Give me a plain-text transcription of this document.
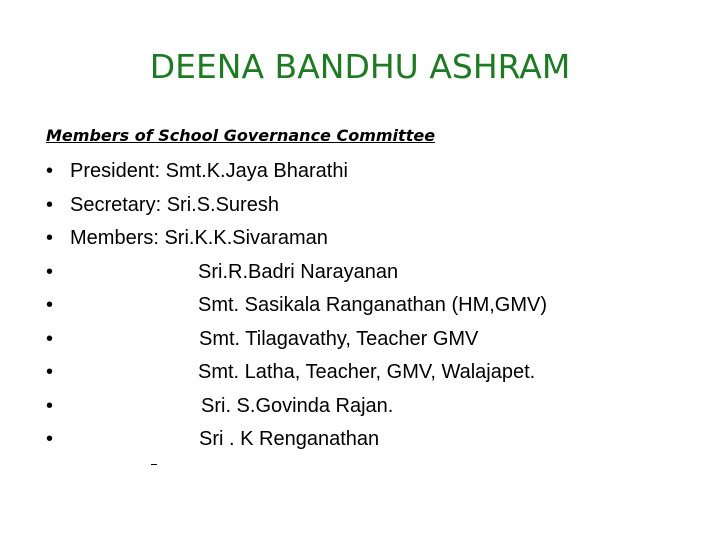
DEENA BANDHU ASHRAM
Members of School Governance Committee
• President: Smt.K.Jaya Bharathi
• Secretary: Sri.S.Suresh
• Members: Sri.K.K.Sivaraman
•	Sri.R.Badri Narayanan
•	Smt. Sasikala Ranganathan (HM,GMV)
•	Smt. Tilagavathy, Teacher GMV
•	Smt. Latha, Teacher, GMV, Walajapet.
•	Sri. S.Govinda Rajan.
•	Sri . K Renganathan
